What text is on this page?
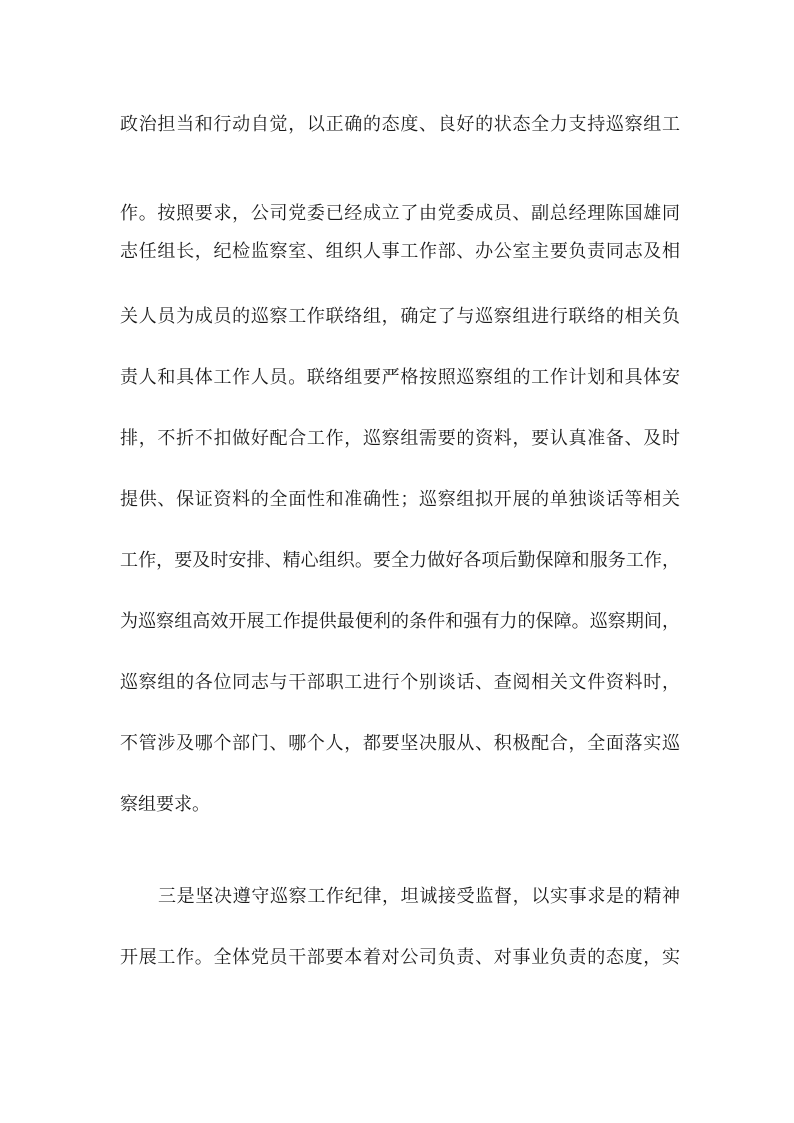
政治担当和行动自觉，以正确的态度、良好的状态全力支持巡察组工
作。按照要求，公司党委已经成立了由党委成员、副总经理陈国雄同
志任组长，纪检监察室、组织人事工作部、办公室主要负责同志及相
关人员为成员的巡察工作联络组，确定了与巡察组进行联络的相关负
责人和具体工作人员。联络组要严格按照巡察组的工作计划和具体安
排，不折不扣做好配合工作，巡察组需要的资料，要认真准备、及时
提供、保证资料的全面性和准确性；巡察组拟开展的单独谈话等相关
工作，要及时安排、精心组织。要全力做好各项后勤保障和服务工作，
为巡察组高效开展工作提供最便利的条件和强有力的保障。巡察期间，
巡察组的各位同志与干部职工进行个别谈话、查阅相关文件资料时，
不管涉及哪个部门、哪个人，都要坚决服从、积极配合，全面落实巡
察组要求。
三是坚决遵守巡察工作纪律，坦诚接受监督，以实事求是的精神
开展工作。全体党员干部要本着对公司负责、对事业负责的态度，实
